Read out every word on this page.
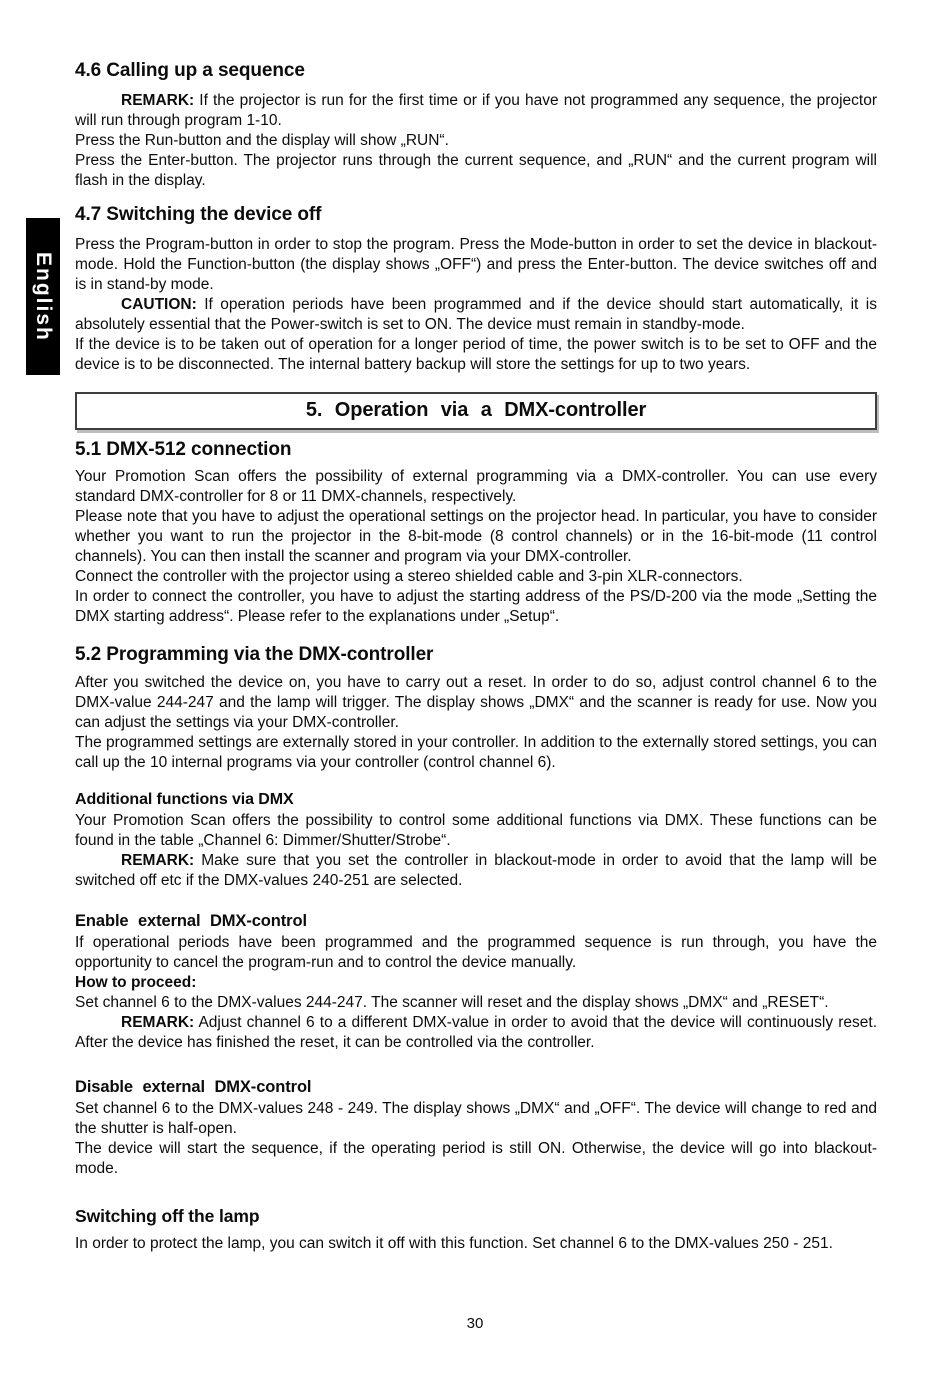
English
4.6 Calling up a sequence

REMARK: If the projector is run for the first time or if you have not programmed any sequence, the projector will run through program 1-10.

Press the Run-button and the display will show „RUN“.

Press the Enter-button. The projector runs through the current sequence, and „RUN“ and the current program will flash in the display.

4.7 Switching the device off

Press the Program-button in order to stop the program. Press the Mode-button in order to set the device in blackout-mode. Hold the Function-button (the display shows „OFF“) and press the Enter-button. The device switches off and is in stand-by mode.

CAUTION: If operation periods have been programmed and if the device should start automatically, it is absolutely essential that the Power-switch is set to ON. The device must remain in standby-mode.

If the device is to be taken out of operation for a longer period of time, the power switch is to be set to OFF and the device is to be disconnected. The internal battery backup will store the settings for up to two years.

5. Operation via a DMX-controller
5.1 DMX-512 connection

Your Promotion Scan offers the possibility of external programming via a DMX-controller. You can use every standard DMX-controller for 8 or 11 DMX-channels, respectively.

Please note that you have to adjust the operational settings on the projector head. In particular, you have to consider whether you want to run the projector in the 8-bit-mode (8 control channels) or in the 16-bit-mode (11 control channels). You can then install the scanner and program via your DMX-controller.

Connect the controller with the projector using a stereo shielded cable and 3-pin XLR-connectors.

In order to connect the controller, you have to adjust the starting address of the PS/D-200 via the mode „Setting the DMX starting address“. Please refer to the explanations under „Setup“.

5.2 Programming via the DMX-controller

After you switched the device on, you have to carry out a reset. In order to do so, adjust control channel 6 to the DMX-value 244-247 and the lamp will trigger. The display shows „DMX“ and the scanner is ready for use. Now you can adjust the settings via your DMX-controller.

The programmed settings are externally stored in your controller. In addition to the externally stored settings, you can call up the 10 internal programs via your controller (control channel 6).

Additional functions via DMX

Your Promotion Scan offers the possibility to control some additional functions via DMX. These functions can be found in the table „Channel 6: Dimmer/Shutter/Strobe“.

REMARK: Make sure that you set the controller in blackout-mode in order to avoid that the lamp will be switched off etc if the DMX-values 240-251 are selected.

Enable external DMX-control

If operational periods have been programmed and the programmed sequence is run through, you have the opportunity to cancel the program-run and to control the device manually.

How to proceed:

Set channel 6 to the DMX-values 244-247. The scanner will reset and the display shows „DMX“ and „RESET“.

REMARK: Adjust channel 6 to a different DMX-value in order to avoid that the device will continuously reset. After the device has finished the reset, it can be controlled via the controller.

Disable external DMX-control

Set channel 6 to the DMX-values 248 - 249. The display shows „DMX“ and „OFF“. The device will change to red and the shutter is half-open.

The device will start the sequence, if the operating period is still ON. Otherwise, the device will go into blackout-mode.

Switching off the lamp

In order to protect the lamp, you can switch it off with this function. Set channel 6 to the DMX-values 250 - 251.

30
